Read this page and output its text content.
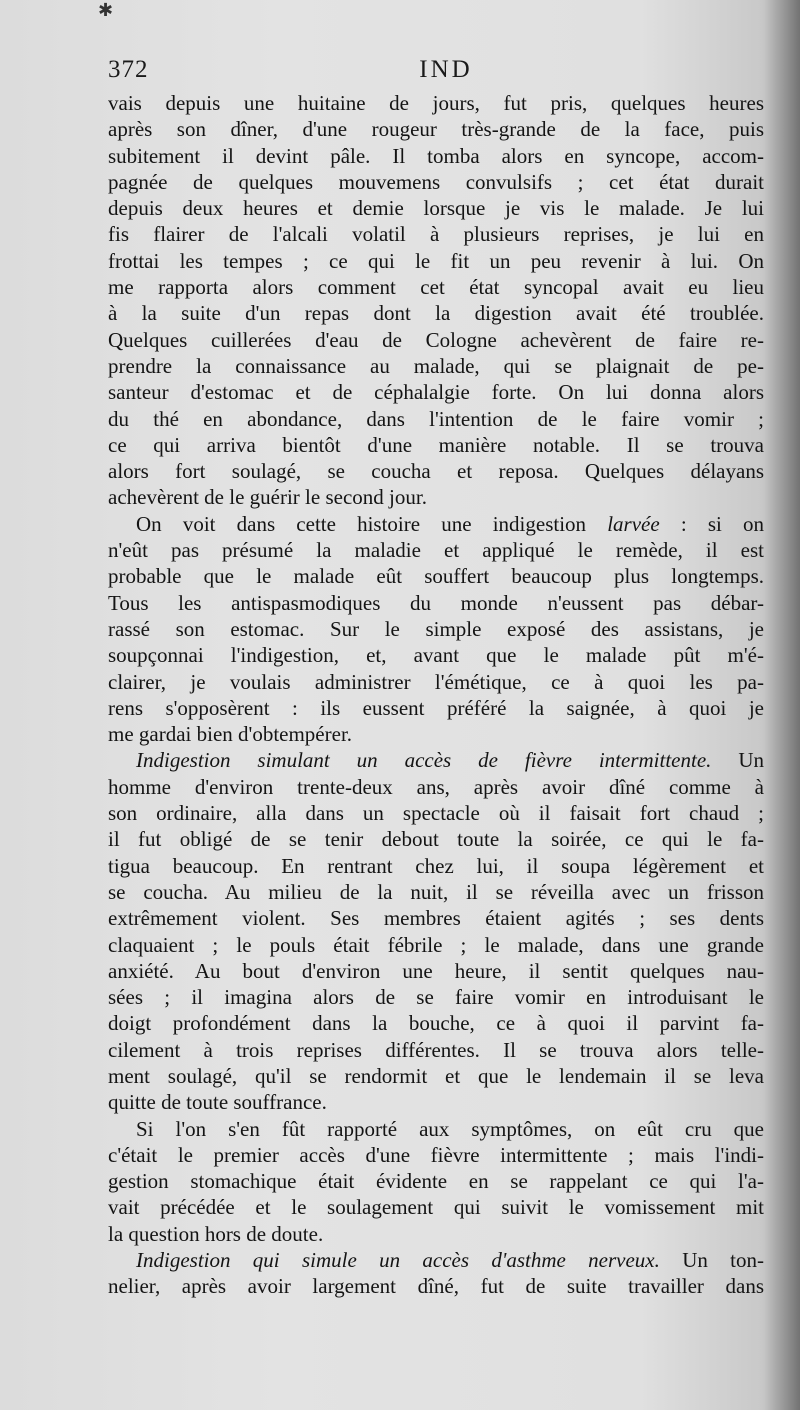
✱
372	IND
vais depuis une huitaine de jours, fut pris, quelques heures
après son dîner, d'une rougeur très-grande de la face, puis
subitement il devint pâle. Il tomba alors en syncope, accom-
pagnée de quelques mouvemens convulsifs ; cet état durait
depuis deux heures et demie lorsque je vis le malade. Je lui
fis flairer de l'alcali volatil à plusieurs reprises, je lui en
frottai les tempes ; ce qui le fit un peu revenir à lui. On
me rapporta alors comment cet état syncopal avait eu lieu
à la suite d'un repas dont la digestion avait été troublée.
Quelques cuillerées d'eau de Cologne achevèrent de faire re-
prendre la connaissance au malade, qui se plaignait de pe-
santeur d'estomac et de céphalalgie forte. On lui donna alors
du thé en abondance, dans l'intention de le faire vomir ;
ce qui arriva bientôt d'une manière notable. Il se trouva
alors fort soulagé, se coucha et reposa. Quelques délayans
achevèrent de le guérir le second jour.
On voit dans cette histoire une indigestion larvée : si on
n'eût pas présumé la maladie et appliqué le remède, il est
probable que le malade eût souffert beaucoup plus longtemps.
Tous les antispasmodiques du monde n'eussent pas débar-
rassé son estomac. Sur le simple exposé des assistans, je
soupçonnai l'indigestion, et, avant que le malade pût m'é-
clairer, je voulais administrer l'émétique, ce à quoi les pa-
rens s'opposèrent : ils eussent préféré la saignée, à quoi je
me gardai bien d'obtempérer.
Indigestion simulant un accès de fièvre intermittente. Un
homme d'environ trente-deux ans, après avoir dîné comme à
son ordinaire, alla dans un spectacle où il faisait fort chaud ;
il fut obligé de se tenir debout toute la soirée, ce qui le fa-
tigua beaucoup. En rentrant chez lui, il soupa légèrement et
se coucha. Au milieu de la nuit, il se réveilla avec un frisson
extrêmement violent. Ses membres étaient agités ; ses dents
claquaient ; le pouls était fébrile ; le malade, dans une grande
anxiété. Au bout d'environ une heure, il sentit quelques nau-
sées ; il imagina alors de se faire vomir en introduisant le
doigt profondément dans la bouche, ce à quoi il parvint fa-
cilement à trois reprises différentes. Il se trouva alors telle-
ment soulagé, qu'il se rendormit et que le lendemain il se leva
quitte de toute souffrance.
Si l'on s'en fût rapporté aux symptômes, on eût cru que
c'était le premier accès d'une fièvre intermittente ; mais l'indi-
gestion stomachique était évidente en se rappelant ce qui l'a-
vait précédée et le soulagement qui suivit le vomissement mit
la question hors de doute.
Indigestion qui simule un accès d'asthme nerveux. Un ton-
nelier, après avoir largement dîné, fut de suite travailler dans
